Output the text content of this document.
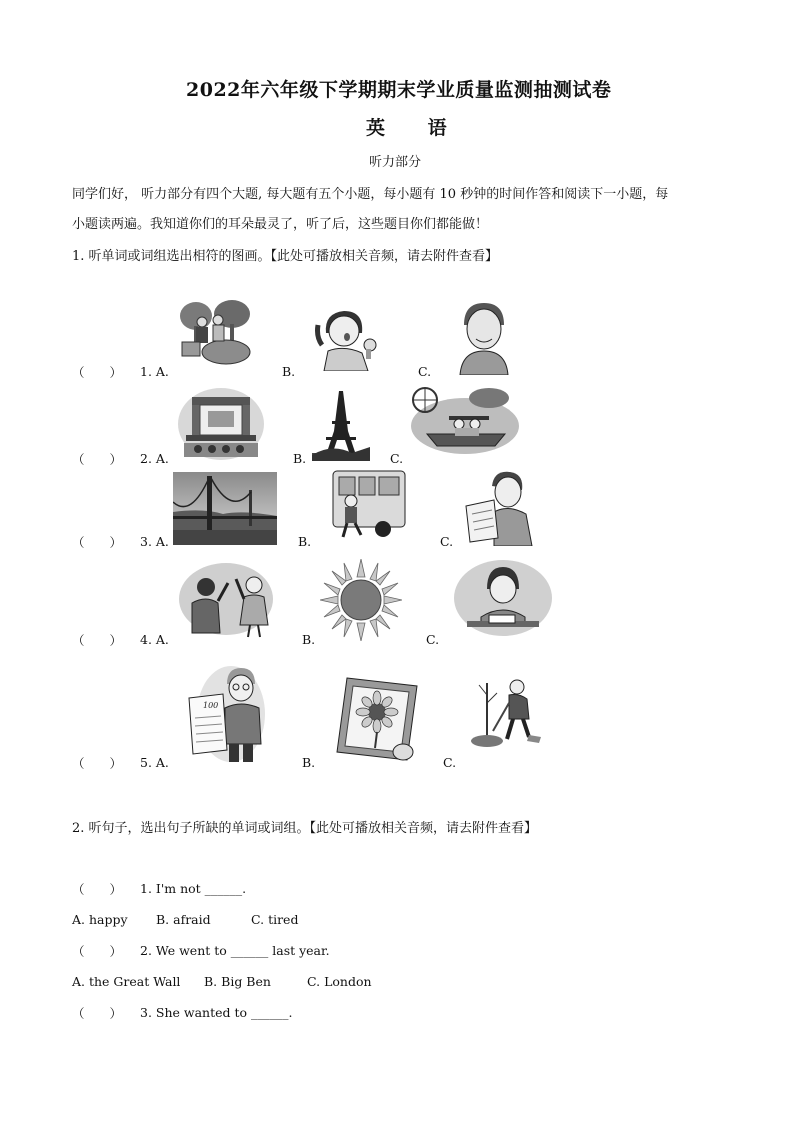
2022年六年级下学期期末学业质量监测抽测试卷
英 语
听力部分
同学们好， 听力部分有四个大题, 每大题有五个小题，每小题有 10 秒钟的时间作答和阅读下一小题，每
小题读两遍。我知道你们的耳朵最灵了，听了后，这些题目你们都能做！
1. 听单词或词组选出相符的图画。【此处可播放相关音频，请去附件查看】
（　　） 1. A.	B.	C.
（　　） 2. A.	B.	C.
（　　） 3. A.	B.	C.
（　　） 4. A.	B.	C.
（　　） 5. A.	B.	C.
100
2. 听句子，选出句子所缺的单词或词组。【此处可播放相关音频，请去附件查看】
（　　） 1. I'm not ______.
A. happy B. afraid	C. tired
（　　） 2. We went to ______ last year.
A. the Great Wall B. Big Ben	C. London
（　　） 3. She wanted to ______.
